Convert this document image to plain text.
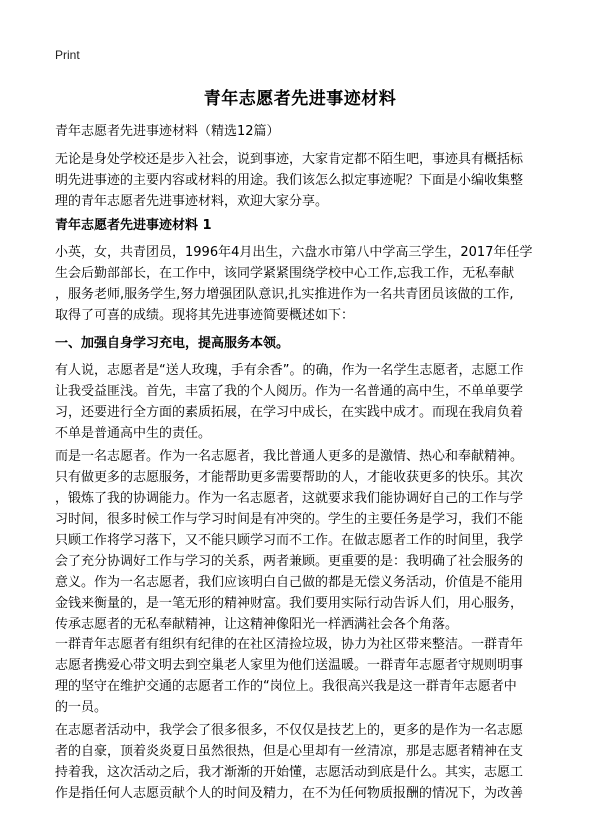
Print
青年志愿者先进事迹材料
青年志愿者先进事迹材料（精选12篇）
无论是身处学校还是步入社会，说到事迹，大家肯定都不陌生吧，事迹具有概括标
明先进事迹的主要内容或材料的用途。我们该怎么拟定事迹呢？下面是小编收集整
理的青年志愿者先进事迹材料，欢迎大家分享。
青年志愿者先进事迹材料 1
小英，女，共青团员，1996年4月出生，六盘水市第八中学高三学生，2017年任学
生会后勤部部长，在工作中，该同学紧紧围绕学校中心工作,忘我工作，无私奉献
，服务老师,服务学生,努力增强团队意识,扎实推进作为一名共青团员该做的工作,
取得了可喜的成绩。现将其先进事迹简要概述如下：
一、加强自身学习充电，提高服务本领。
有人说，志愿者是“送人玫瑰，手有余香”。的确，作为一名学生志愿者，志愿工作
让我受益匪浅。首先，丰富了我的个人阅历。作为一名普通的高中生，不单单要学
习，还要进行全方面的素质拓展，在学习中成长，在实践中成才。而现在我肩负着
不单是普通高中生的责任。
而是一名志愿者。作为一名志愿者，我比普通人更多的是激情、热心和奉献精神。
只有做更多的志愿服务，才能帮助更多需要帮助的人，才能收获更多的快乐。其次
，锻炼了我的协调能力。作为一名志愿者，这就要求我们能协调好自己的工作与学
习时间，很多时候工作与学习时间是有冲突的。学生的主要任务是学习，我们不能
只顾工作将学习落下，又不能只顾学习而不工作。在做志愿者工作的时间里，我学
会了充分协调好工作与学习的关系，两者兼顾。更重要的是：我明确了社会服务的
意义。作为一名志愿者，我们应该明白自己做的都是无偿义务活动，价值是不能用
金钱来衡量的，是一笔无形的精神财富。我们要用实际行动告诉人们，用心服务，
传承志愿者的无私奉献精神，让这精神像阳光一样洒满社会各个角落。
一群青年志愿者有组织有纪律的在社区清捡垃圾，协力为社区带来整洁。一群青年
志愿者携爱心带文明去到空巢老人家里为他们送温暖。一群青年志愿者守规则明事
理的坚守在维护交通的志愿者工作的“岗位上。我很高兴我是这一群青年志愿者中
的一员。
在志愿者活动中，我学会了很多很多，不仅仅是技艺上的，更多的是作为一名志愿
者的自豪，顶着炎炎夏日虽然很热，但是心里却有一丝清凉，那是志愿者精神在支
持着我，这次活动之后，我才渐渐的开始懂，志愿活动到底是什么。其实，志愿工
作是指任何人志愿贡献个人的时间及精力，在不为任何物质报酬的情况下，为改善
